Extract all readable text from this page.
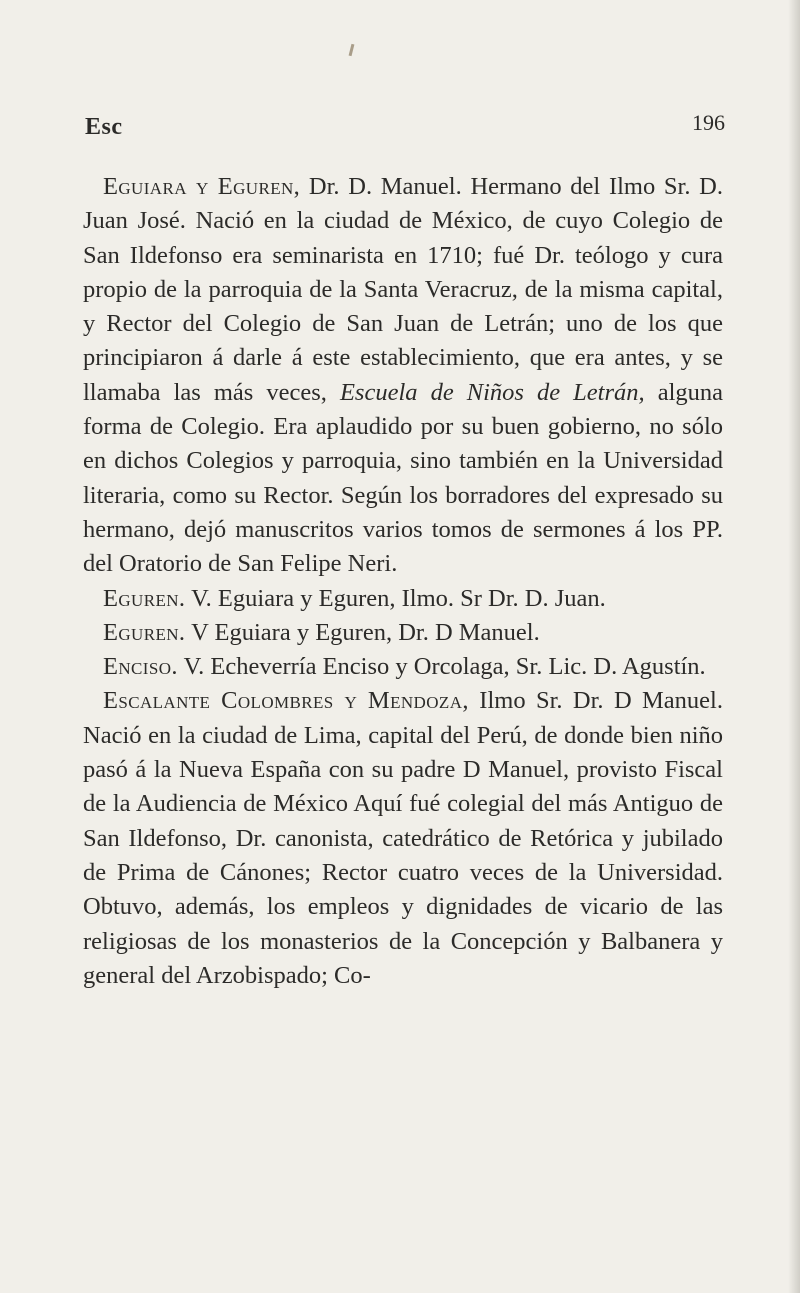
Esc	196

Eguiara y Eguren, Dr. D. Manuel. Hermano del Ilmo Sr. D. Juan José. Nació en la ciudad de México, de cuyo Colegio de San Ildefonso era seminarista en 1710; fué Dr. teólogo y cura propio de la parroquia de la Santa Veracruz, de la misma capital, y Rector del Colegio de San Juan de Letrán; uno de los que principiaron á darle á este establecimiento, que era antes, y se llamaba las más veces, Escuela de Niños de Letrán, alguna forma de Colegio. Era aplaudido por su buen gobierno, no sólo en dichos Colegios y parroquia, sino también en la Universidad literaria, como su Rector. Según los borradores del expresado su hermano, dejó manuscritos varios tomos de sermones á los PP. del Oratorio de San Felipe Neri.

Eguren. V. Eguiara y Eguren, Ilmo. Sr Dr. D. Juan.

Eguren. V Eguiara y Eguren, Dr. D Manuel.

Enciso. V. Echeverría Enciso y Orcolaga, Sr. Lic. D. Agustín.

Escalante Colombres y Mendoza, Ilmo Sr. Dr. D Manuel. Nació en la ciudad de Lima, capital del Perú, de donde bien niño pasó á la Nueva España con su padre D Manuel, provisto Fiscal de la Audiencia de México Aquí fué colegial del más Antiguo de San Ildefonso, Dr. canonista, catedrático de Retórica y jubilado de Prima de Cánones; Rector cuatro veces de la Universidad. Obtuvo, además, los empleos y dignidades de vicario de las religiosas de los monasterios de la Concepción y Balbanera y general del Arzobispado; Co-
